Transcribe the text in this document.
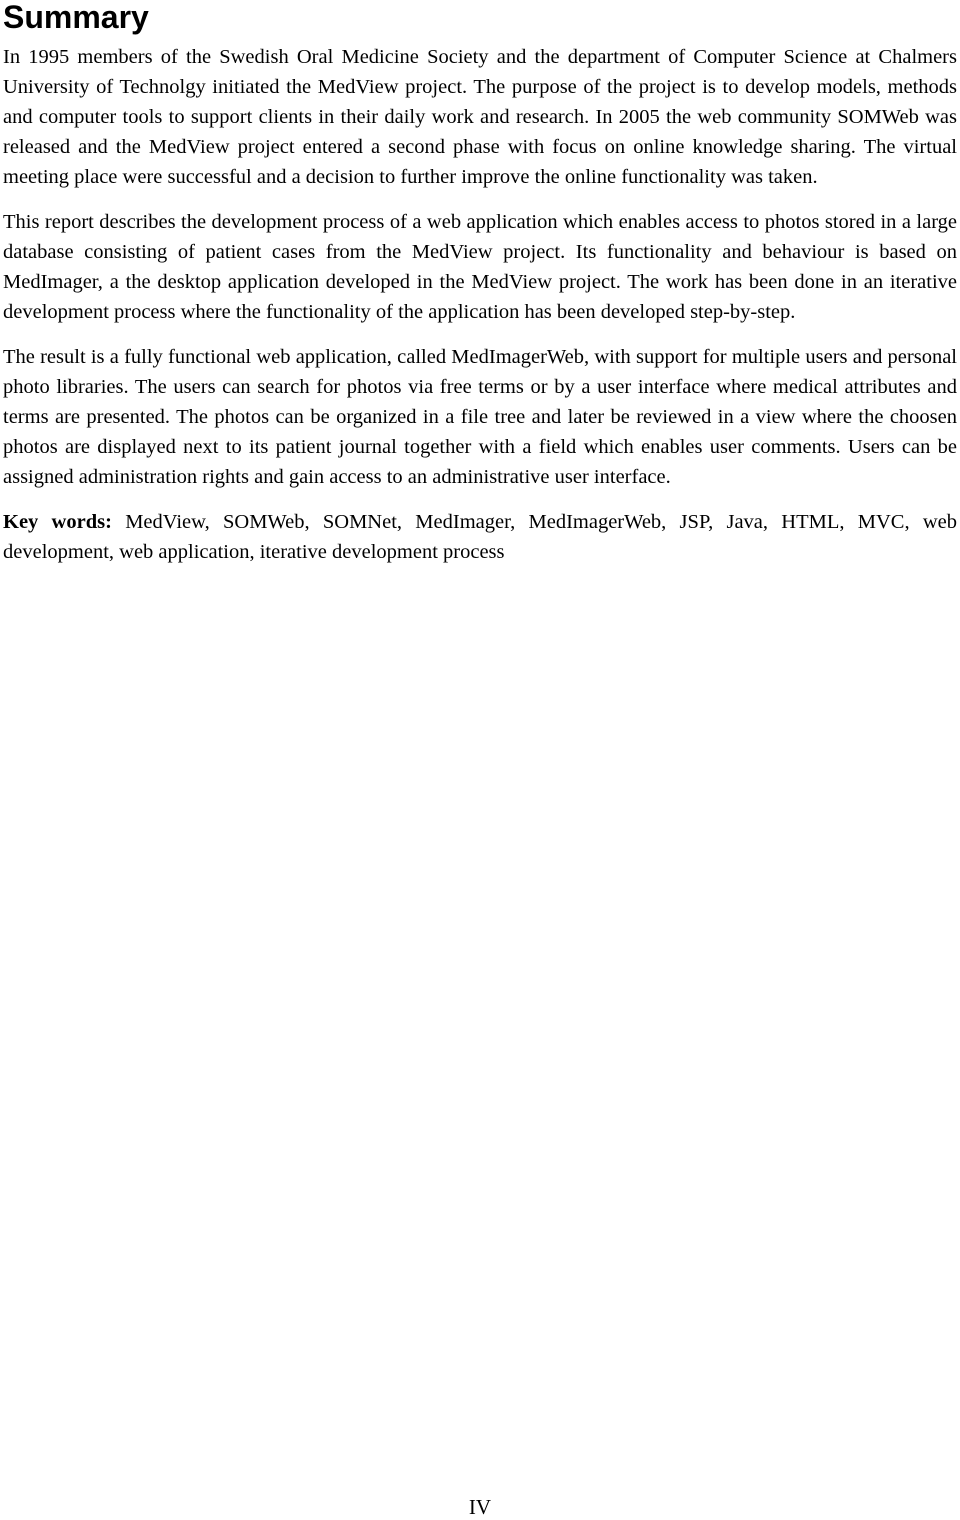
Summary

In 1995 members of the Swedish Oral Medicine Society and the department of Computer Science at Chalmers University of Technolgy initiated the MedView project. The purpose of the project is to develop models, methods and computer tools to support clients in their daily work and research. In 2005 the web community SOMWeb was released and the MedView project entered a second phase with focus on online knowledge sharing. The virtual meeting place were successful and a decision to further improve the online functionality was taken.

This report describes the development process of a web application which enables access to photos stored in a large database consisting of patient cases from the MedView project. Its functionality and behaviour is based on MedImager, a the desktop application developed in the MedView project. The work has been done in an iterative development process where the functionality of the application has been developed step-by-step.

The result is a fully functional web application, called MedImagerWeb, with support for multiple users and personal photo libraries. The users can search for photos via free terms or by a user interface where medical attributes and terms are presented. The photos can be organized in a file tree and later be reviewed in a view where the choosen photos are displayed next to its patient journal together with a field which enables user comments. Users can be assigned administration rights and gain access to an administrative user interface.

Key words: MedView, SOMWeb, SOMNet, MedImager, MedImagerWeb, JSP, Java, HTML, MVC, web development, web application, iterative development process

IV
